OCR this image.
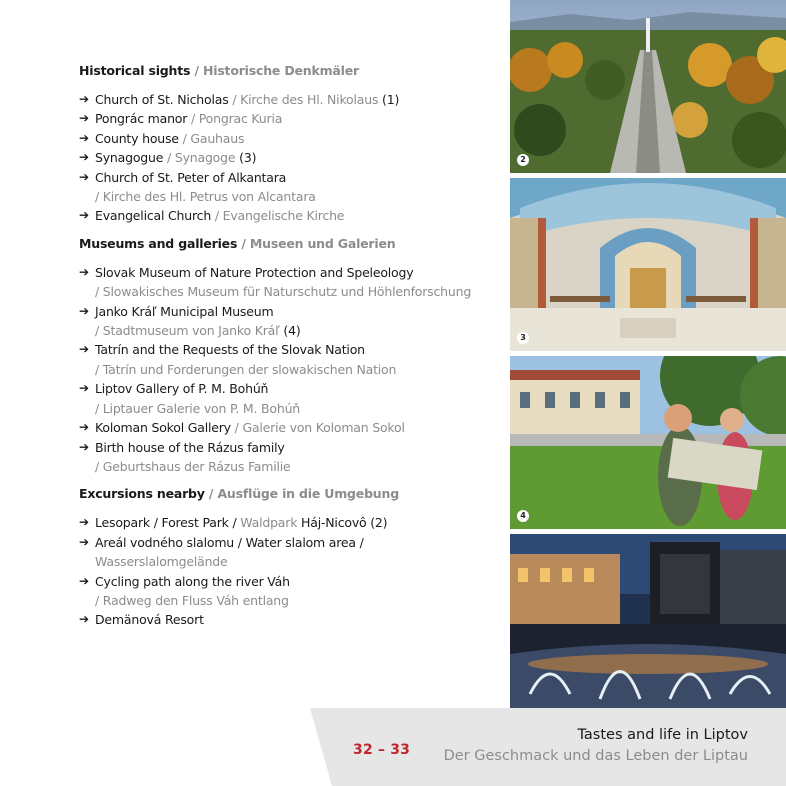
Historical sights / Historische Denkmäler

➔ Church of St. Nicholas / Kirche des Hl. Nikolaus (1)
➔ Pongrác manor / Pongrac Kuria
➔ County house / Gauhaus
➔ Synagogue / Synagoge (3)
➔ Church of St. Peter of Alkantara
/ Kirche des Hl. Petrus von Alcantara
➔ Evangelical Church / Evangelische Kirche

Museums and galleries / Museen und Galerien

➔ Slovak Museum of Nature Protection and Speleology
/ Slowakisches Museum für Naturschutz und Höhlenforschung
➔ Janko Kráľ Municipal Museum
/ Stadtmuseum von Janko Kráľ (4)
➔ Tatrín and the Requests of the Slovak Nation
/ Tatrín und Forderungen der slowakischen Nation
➔ Liptov Gallery of P. M. Bohúň
/ Liptauer Galerie von P. M. Bohúň
➔ Koloman Sokol Gallery / Galerie von Koloman Sokol
➔ Birth house of the Rázus family
/ Geburtshaus der Rázus Familie

Excursions nearby / Ausflüge in die Umgebung

➔ Lesopark / Forest Park / Waldpark Háj-Nicovô (2)
➔ Areál vodného slalomu / Water slalom area /
Wasserslalomgelände
➔ Cycling path along the river Váh
/ Radweg den Fluss Váh entlang
➔ Demänová Resort
2
3
4
32 – 33
Tastes and life in Liptov
Der Geschmack und das Leben der Liptau
